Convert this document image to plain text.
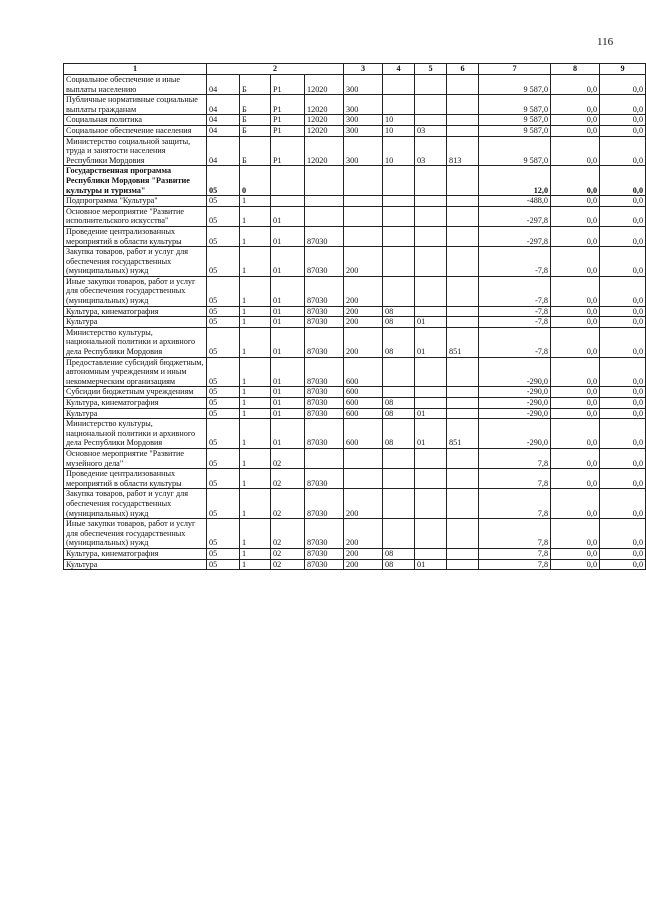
116
1	2				3	4	5	6	7	8	9
Социальное обеспечение и иные выплаты населению	04	Б	Р1	12020	300				9 587,0	0,0	0,0
Публичные нормативные социальные выплаты гражданам	04	Б	Р1	12020	300				9 587,0	0,0	0,0
Социальная политика	04	Б	Р1	12020	300	10			9 587,0	0,0	0,0
Социальное обеспечение населения	04	Б	Р1	12020	300	10	03		9 587,0	0,0	0,0
Министерство социальной защиты, труда и занятости населения Республики Мордовия	04	Б	Р1	12020	300	10	03	813	9 587,0	0,0	0,0
Государственная программа Республики Мордовия "Развитие культуры и туризма"	05	0							12,0	0,0	0,0
Подпрограмма "Культура"	05	1							-488,0	0,0	0,0
Основное мероприятие "Развитие исполнительского искусства"	05	1	01						-297,8	0,0	0,0
Проведение централизованных мероприятий в области культуры	05	1	01	87030					-297,8	0,0	0,0
Закупка товаров, работ и услуг для обеспечения государственных (муниципальных) нужд	05	1	01	87030	200				-7,8	0,0	0,0
Иные закупки товаров, работ и услуг для обеспечения государственных (муниципальных) нужд	05	1	01	87030	200				-7,8	0,0	0,0
Культура, кинематография	05	1	01	87030	200	08			-7,8	0,0	0,0
Культура	05	1	01	87030	200	08	01		-7,8	0,0	0,0
Министерство культуры, национальной политики и архивного дела Республики Мордовия	05	1	01	87030	200	08	01	851	-7,8	0,0	0,0
Предоставление субсидий бюджетным, автономным учреждениям и иным некоммерческим организациям	05	1	01	87030	600				-290,0	0,0	0,0
Субсидии бюджетным учреждениям	05	1	01	87030	600				-290,0	0,0	0,0
Культура, кинематография	05	1	01	87030	600	08			-290,0	0,0	0,0
Культура	05	1	01	87030	600	08	01		-290,0	0,0	0,0
Министерство культуры, национальной политики и архивного дела Республики Мордовия	05	1	01	87030	600	08	01	851	-290,0	0,0	0,0
Основное мероприятие "Развитие музейного дела"	05	1	02						7,8	0,0	0,0
Проведение централизованных мероприятий в области культуры	05	1	02	87030					7,8	0,0	0,0
Закупка товаров, работ и услуг для обеспечения государственных (муниципальных) нужд	05	1	02	87030	200				7,8	0,0	0,0
Иные закупки товаров, работ и услуг для обеспечения государственных (муниципальных) нужд	05	1	02	87030	200				7,8	0,0	0,0
Культура, кинематография	05	1	02	87030	200	08			7,8	0,0	0,0
Культура	05	1	02	87030	200	08	01		7,8	0,0	0,0
